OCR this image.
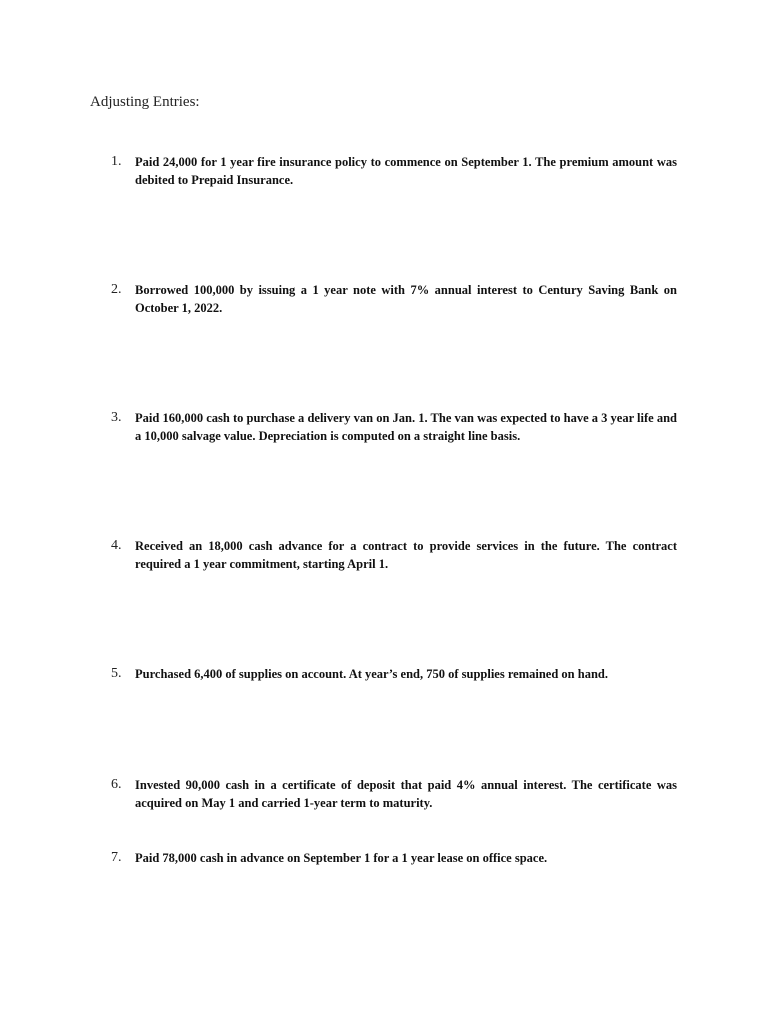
Adjusting Entries:
1.	Paid 24,000 for 1 year fire insurance policy to commence on September 1. The premium amount was debited to Prepaid Insurance.
2.	Borrowed 100,000 by issuing a 1 year note with 7% annual interest to Century Saving Bank on October 1, 2022.
3.	Paid 160,000 cash to purchase a delivery van on Jan. 1. The van was expected to have a 3 year life and a 10,000 salvage value. Depreciation is computed on a straight line basis.
4.	Received an 18,000 cash advance for a contract to provide services in the future. The contract required a 1 year commitment, starting April 1.
5.	Purchased 6,400 of supplies on account. At year’s end, 750 of supplies remained on hand.
6.	Invested 90,000 cash in a certificate of deposit that paid 4% annual interest. The certificate was acquired on May 1 and carried 1-year term to maturity.
7.	Paid 78,000 cash in advance on September 1 for a 1 year lease on office space.
